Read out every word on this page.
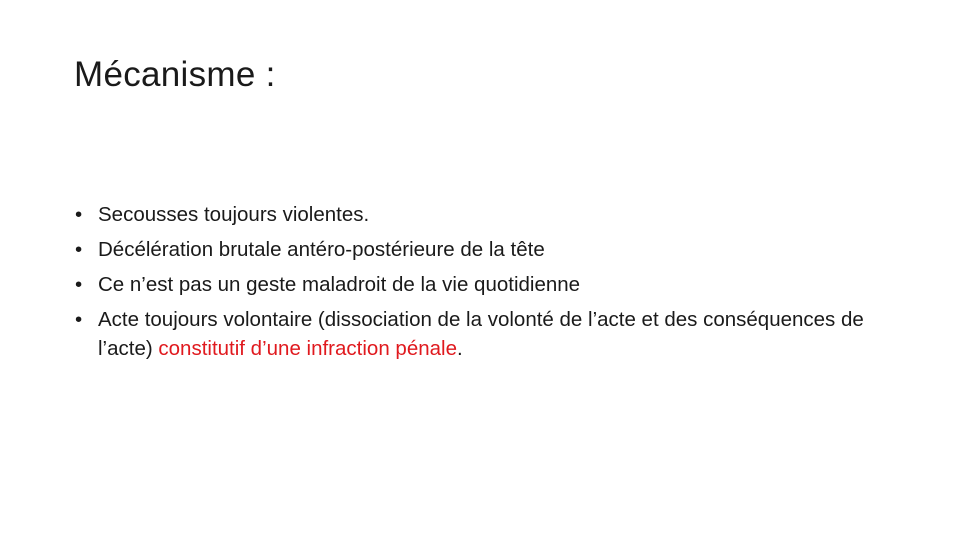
Mécanisme :
• Secousses toujours violentes.
• Décélération brutale antéro-postérieure de la tête
• Ce n’est pas un geste maladroit de la vie quotidienne
• Acte toujours volontaire (dissociation de la volonté de l’acte et des conséquences de l’acte) constitutif d’une infraction pénale.
